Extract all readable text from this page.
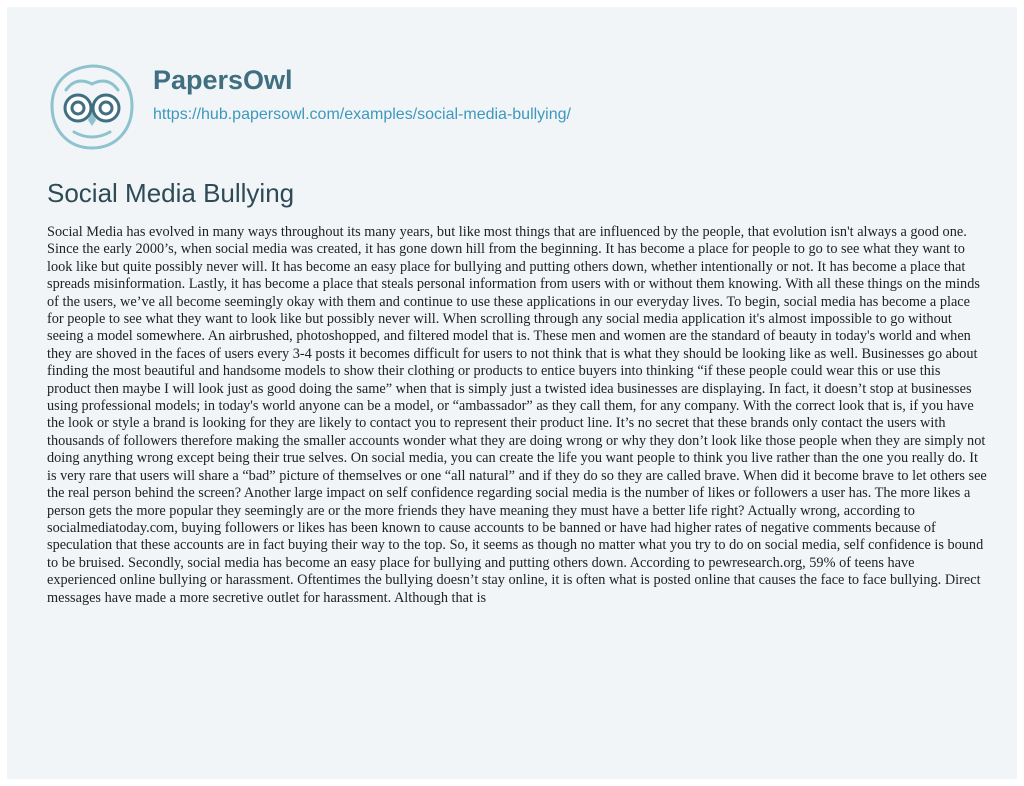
PapersOwl
https://hub.papersowl.com/examples/social-media-bullying/
Social Media Bullying

Social Media has evolved in many ways throughout its many years, but like most things that are influenced by the people, that evolution isn't always a good one. Since the early 2000’s, when social media was created, it has gone down hill from the beginning. It has become a place for people to go to see what they want to look like but quite possibly never will. It has become an easy place for bullying and putting others down, whether intentionally or not. It has become a place that spreads misinformation. Lastly, it has become a place that steals personal information from users with or without them knowing. With all these things on the minds of the users, we’ve all become seemingly okay with them and continue to use these applications in our everyday lives. To begin, social media has become a place for people to see what they want to look like but possibly never will. When scrolling through any social media application it's almost impossible to go without seeing a model somewhere. An airbrushed, photoshopped, and filtered model that is. These men and women are the standard of beauty in today's world and when they are shoved in the faces of users every 3-4 posts it becomes difficult for users to not think that is what they should be looking like as well. Businesses go about finding the most beautiful and handsome models to show their clothing or products to entice buyers into thinking “if these people could wear this or use this product then maybe I will look just as good doing the same” when that is simply just a twisted idea businesses are displaying. In fact, it doesn’t stop at businesses using professional models; in today's world anyone can be a model, or “ambassador” as they call them, for any company. With the correct look that is, if you have the look or style a brand is looking for they are likely to contact you to represent their product line. It’s no secret that these brands only contact the users with thousands of followers therefore making the smaller accounts wonder what they are doing wrong or why they don’t look like those people when they are simply not doing anything wrong except being their true selves. On social media, you can create the life you want people to think you live rather than the one you really do. It is very rare that users will share a “bad” picture of themselves or one “all natural” and if they do so they are called brave. When did it become brave to let others see the real person behind the screen? Another large impact on self confidence regarding social media is the number of likes or followers a user has. The more likes a person gets the more popular they seemingly are or the more friends they have meaning they must have a better life right? Actually wrong, according to socialmediatoday.com, buying followers or likes has been known to cause accounts to be banned or have had higher rates of negative comments because of speculation that these accounts are in fact buying their way to the top. So, it seems as though no matter what you try to do on social media, self confidence is bound to be bruised. Secondly, social media has become an easy place for bullying and putting others down. According to pewresearch.org, 59% of teens have experienced online bullying or harassment. Oftentimes the bullying doesn’t stay online, it is often what is posted online that causes the face to face bullying. Direct messages have made a more secretive outlet for harassment. Although that is
